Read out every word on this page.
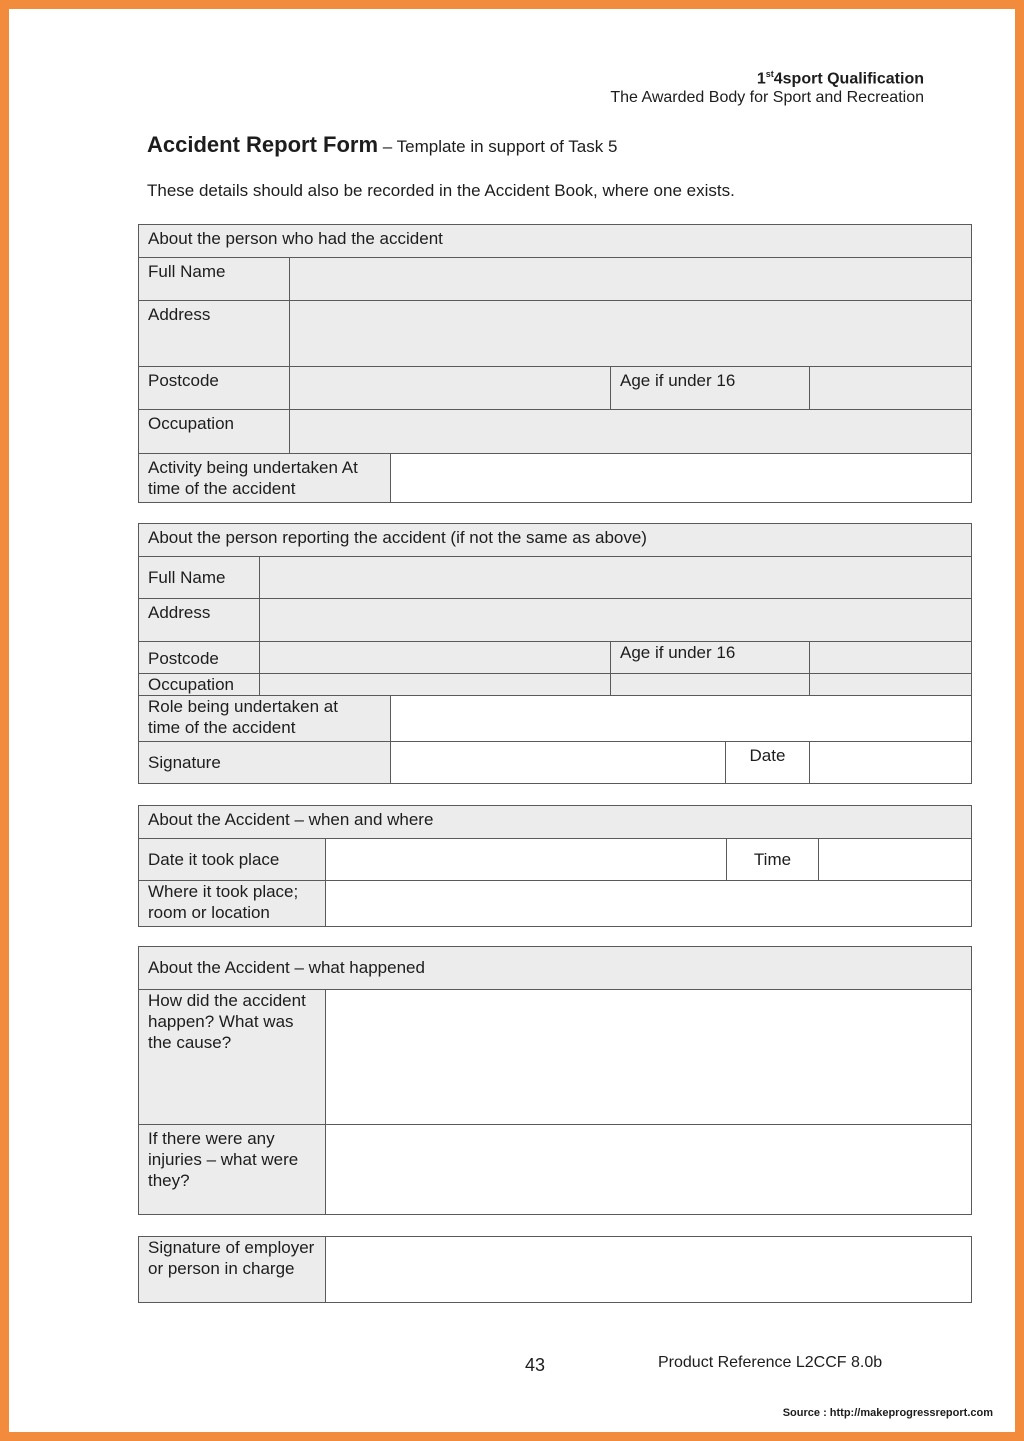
1st4sport Qualification
The Awarded Body for Sport and Recreation
Accident Report Form – Template in support of Task 5
These details should also be recorded in the Accident Book, where one exists.
About the person who had the accident				
Full Name				
Address				
Postcode			Age if under 16	
Occupation				
Activity being undertaken At time of the accident				
About the person reporting the accident (if not the same as above)					
Full Name					
Address					
Postcode			Age if under 16		
Occupation					
Role being undertaken at time of the accident					
Signature				Date	
About the Accident – when and where			
Date it took place		Time	
Where it took place; room or location			
About the Accident – what happened	
How did the accident happen? What was the cause?	
If there were any injuries – what were they?	
Signature of employer or person in charge	
43	Product Reference L2CCF 8.0b
Source : http://makeprogressreport.com
